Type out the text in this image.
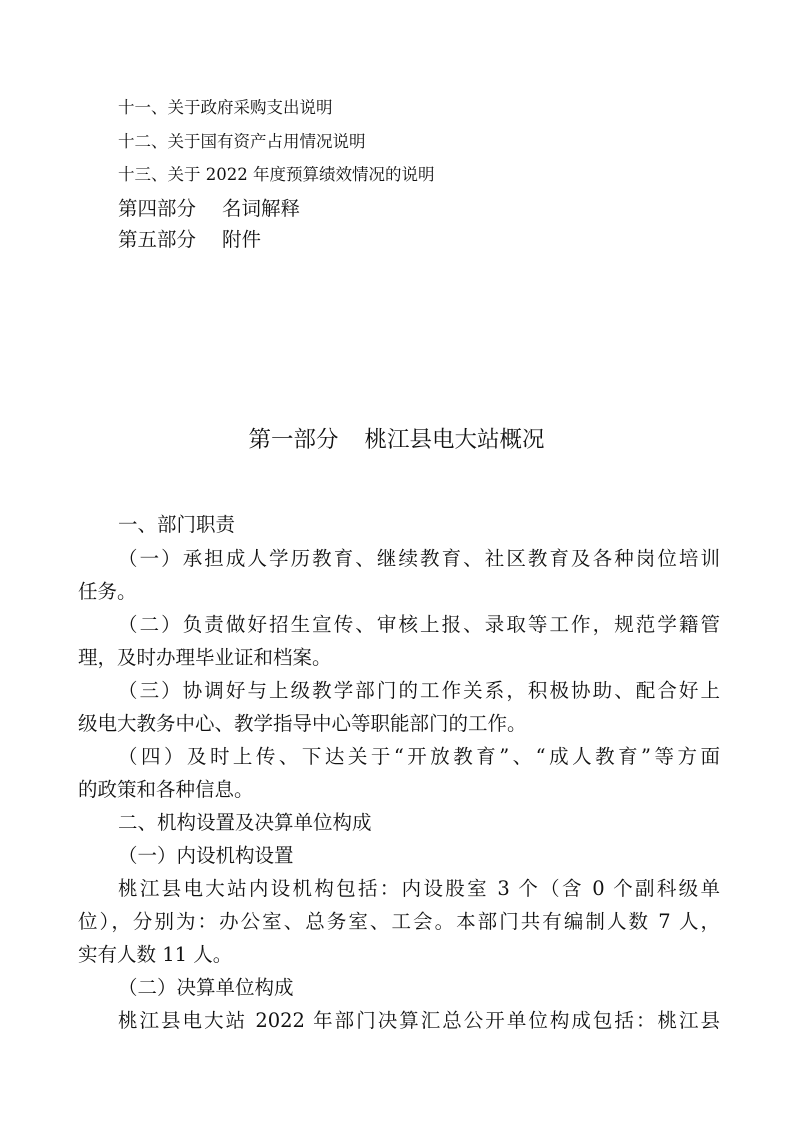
十一、关于政府采购支出说明
十二、关于国有资产占用情况说明
十三、关于 2022 年度预算绩效情况的说明
第四部分 名词解释
第五部分 附件
第一部分 桃江县电大站概况
一、部门职责
（一）承担成人学历教育、继续教育、社区教育及各种岗位培训
任务。
（二）负责做好招生宣传、审核上报、录取等工作，规范学籍管
理，及时办理毕业证和档案。
（三）协调好与上级教学部门的工作关系，积极协助、配合好上
级电大教务中心、教学指导中心等职能部门的工作。
（四）及时上传、下达关于“开放教育”、“成人教育”等方面
的政策和各种信息。
二、机构设置及决算单位构成
（一）内设机构设置
桃江县电大站内设机构包括：内设股室 3 个（含 0 个副科级单
位），分别为：办公室、总务室、工会。本部门共有编制人数 7 人，
实有人数 11 人。
（二）决算单位构成
桃江县电大站 2022 年部门决算汇总公开单位构成包括：桃江县
